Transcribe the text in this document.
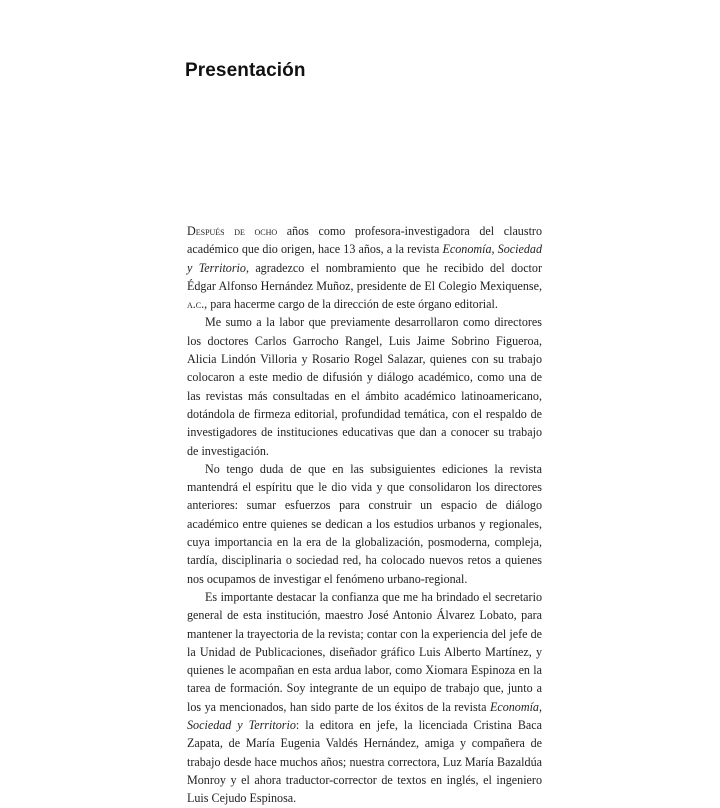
Presentación

Después de ocho años como profesora-investigadora del claustro académico que dio origen, hace 13 años, a la revista Economía, Sociedad y Territorio, agradezco el nombramiento que he recibido del doctor Édgar Alfonso Hernández Muñoz, presidente de El Colegio Mexiquense, a.c., para hacerme cargo de la dirección de este órgano editorial.

Me sumo a la labor que previamente desarrollaron como directores los doctores Carlos Garrocho Rangel, Luis Jaime Sobrino Figueroa, Alicia Lindón Villoria y Rosario Rogel Salazar, quienes con su trabajo colocaron a este medio de difusión y diálogo académico, como una de las revistas más consultadas en el ámbito académico latinoamericano, dotándola de firmeza editorial, profundidad temática, con el respaldo de investigadores de instituciones educativas que dan a conocer su trabajo de investigación.

No tengo duda de que en las subsiguientes ediciones la revista mantendrá el espíritu que le dio vida y que consolidaron los directores anteriores: sumar esfuerzos para construir un espacio de diálogo académico entre quienes se dedican a los estudios urbanos y regionales, cuya importancia en la era de la globalización, posmoderna, compleja, tardía, disciplinaria o sociedad red, ha colocado nuevos retos a quienes nos ocupamos de investigar el fenómeno urbano-regional.

Es importante destacar la confianza que me ha brindado el secretario general de esta institución, maestro José Antonio Álvarez Lobato, para mantener la trayectoria de la revista; contar con la experiencia del jefe de la Unidad de Publicaciones, diseñador gráfico Luis Alberto Martínez, y quienes le acompañan en esta ardua labor, como Xiomara Espinoza en la tarea de formación. Soy integrante de un equipo de trabajo que, junto a los ya mencionados, han sido parte de los éxitos de la revista Economía, Sociedad y Territorio: la editora en jefe, la licenciada Cristina Baca Zapata, de María Eugenia Valdés Hernández, amiga y compañera de trabajo desde hace muchos años; nuestra correctora, Luz María Bazaldúa Monroy y el ahora traductor-corrector de textos en inglés, el ingeniero Luis Cejudo Espinosa.
